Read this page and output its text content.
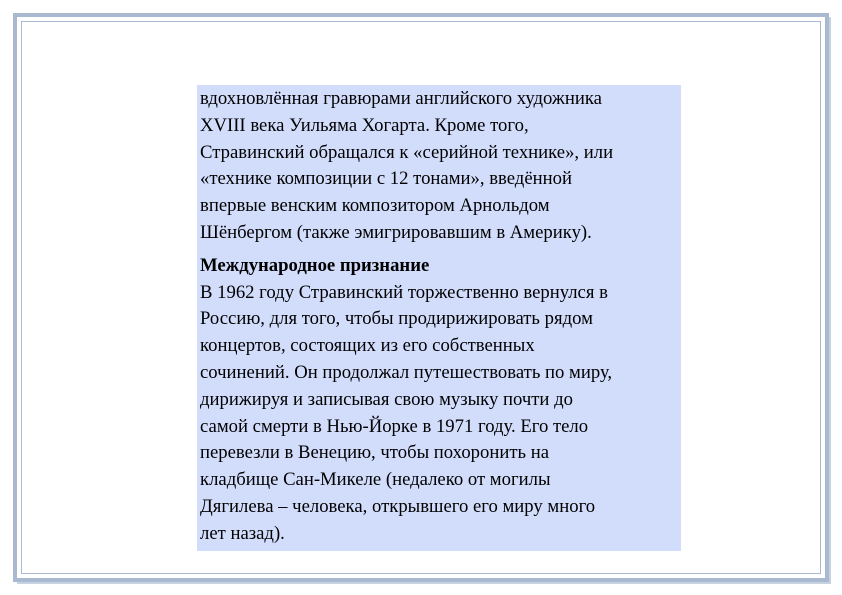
вдохновлённая гравюрами английского художника
XVIII века Уильяма Хогарта. Кроме того,
Стравинский обращался к «серийной технике», или
«технике композиции с 12 тонами», введённой
впервые венским композитором Арнольдом
Шёнбергом (также эмигрировавшим в Америку).

Международное признание

В 1962 году Стравинский торжественно вернулся в
Россию, для того, чтобы продирижировать рядом
концертов, состоящих из его собственных
сочинений. Он продолжал путешествовать по миру,
дирижируя и записывая свою музыку почти до
самой смерти в Нью-Йорке в 1971 году. Его тело
перевезли в Венецию, чтобы похоронить на
кладбище Сан-Микеле (недалеко от могилы
Дягилева – человека, открывшего его миру много
лет назад).
